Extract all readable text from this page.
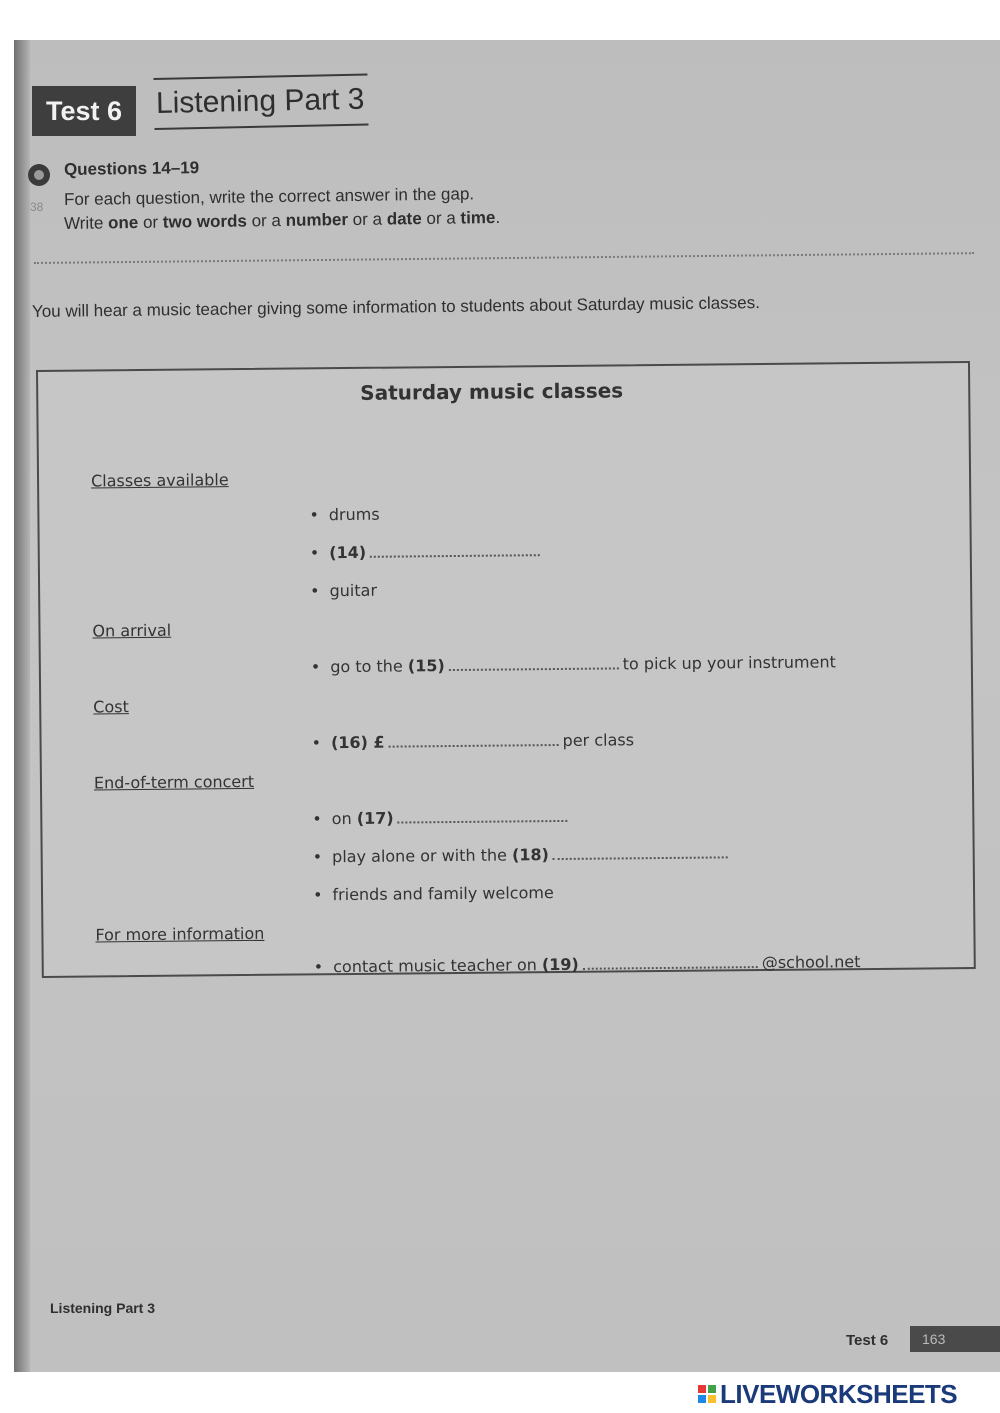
Test 6	Listening Part 3
38
Questions 14–19
For each question, write the correct answer in the gap.
Write one or two words or a number or a date or a time.
You will hear a music teacher giving some information to students about Saturday music classes.
Saturday music classes
Classes available
• drums
• (14)
• guitar
On arrival
• go to the (15)	to pick up your instrument
Cost
• (16) £	per class
End-of-term concert
• on (17)
• play alone or with the (18)
• friends and family welcome
For more information
• contact music teacher on (19)	@school.net
Listening Part 3
Test 6	163
LIVEWORKSHEETS
